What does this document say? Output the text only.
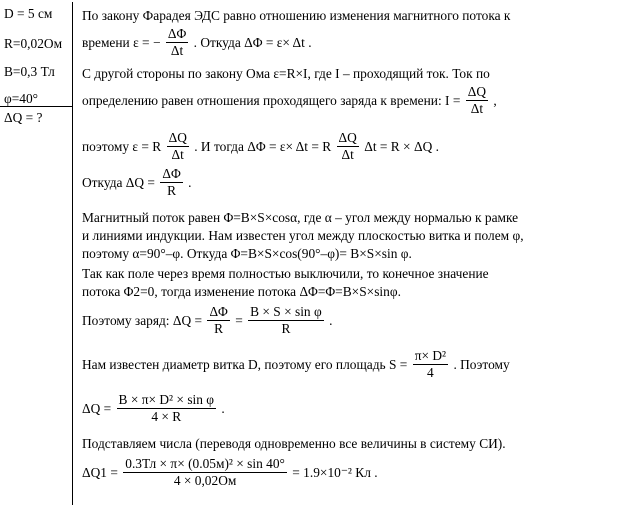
D = 5 см
R=0,02Ом
B=0,3 Тл
φ=40°
ΔQ = ?
По закону Фарадея ЭДС равно отношению изменения магнитного потока к
времени ε = − $\frac{\Delta\Phi}{\Delta t}$ . Откуда ΔΦ = ε× Δt .
С другой стороны по закону Ома ε=R×I, где I – проходящий ток. Ток по
определению равен отношения проходящего заряда к времени: $I = \frac{\Delta Q}{\Delta t}$ ,
поэтому ε = R $\frac{\Delta Q}{\Delta t}$ . И тогда ΔΦ = ε× Δt = R $\frac{\Delta Q}{\Delta t}$ Δt = R × ΔQ .
Откуда $\Delta Q = \frac{\Delta\Phi}{R}$ .
Магнитный поток равен Φ=B×S×cosα, где α – угол между нормалью к рамке
и линиями индукции. Нам известен угол между плоскостью витка и полем φ,
поэтому α=90°–φ. Откуда Φ=B×S×cos(90°–φ)= B×S×sin φ.
Так как поле через время полностью выключили, то конечное значение
потока Φ2=0, тогда изменение потока ΔΦ=Φ=B×S×sinφ.
Поэтому заряд: $\Delta Q = \frac{\Delta\Phi}{R} = \frac{\text{B × S × sin φ}}{R}$ .
Нам известен диаметр витка D, поэтому его площадь $S = \frac{\text{π× D²}}{4}$ . Поэтому
$\Delta Q = \frac{\text{B × π× D² × sin φ}}{4 \times R}$ .
Подставляем числа (переводя одновременно все величины в систему СИ).
$\Delta Q1 = \frac{\text{0.3Тл × π× (0.05м)² × sin 40°}}{4 \times 0,02Ом} = 1.9\times 10^{-2}$ Кл .
